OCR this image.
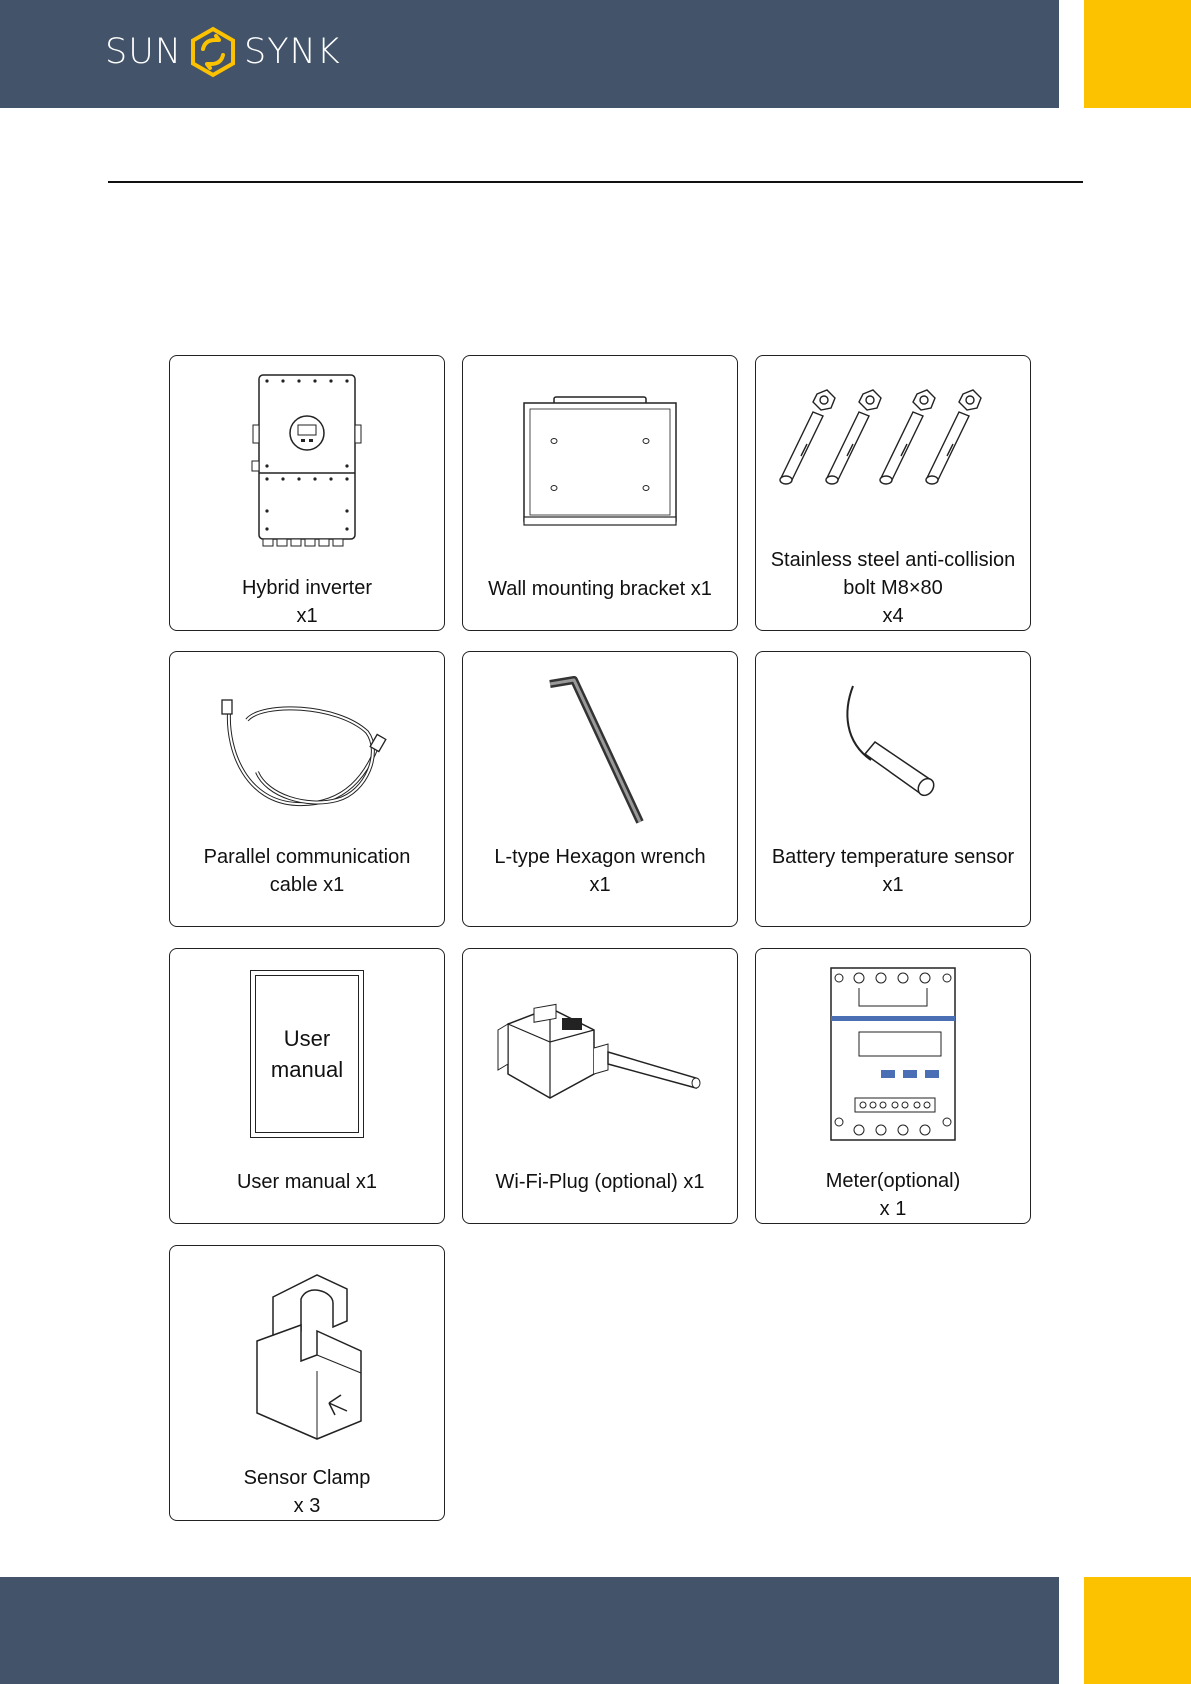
SUN SYNK
Hybrid inverter
x1
Wall mounting bracket x1
Stainless steel anti-collision
bolt M8×80
x4
Parallel communication
cable x1
L-type Hexagon wrench
x1
Battery temperature sensor
x1
User
manual
User manual x1	Wi-Fi-Plug (optional) x1	Meter(optional)
x 1
Sensor Clamp
x 3
